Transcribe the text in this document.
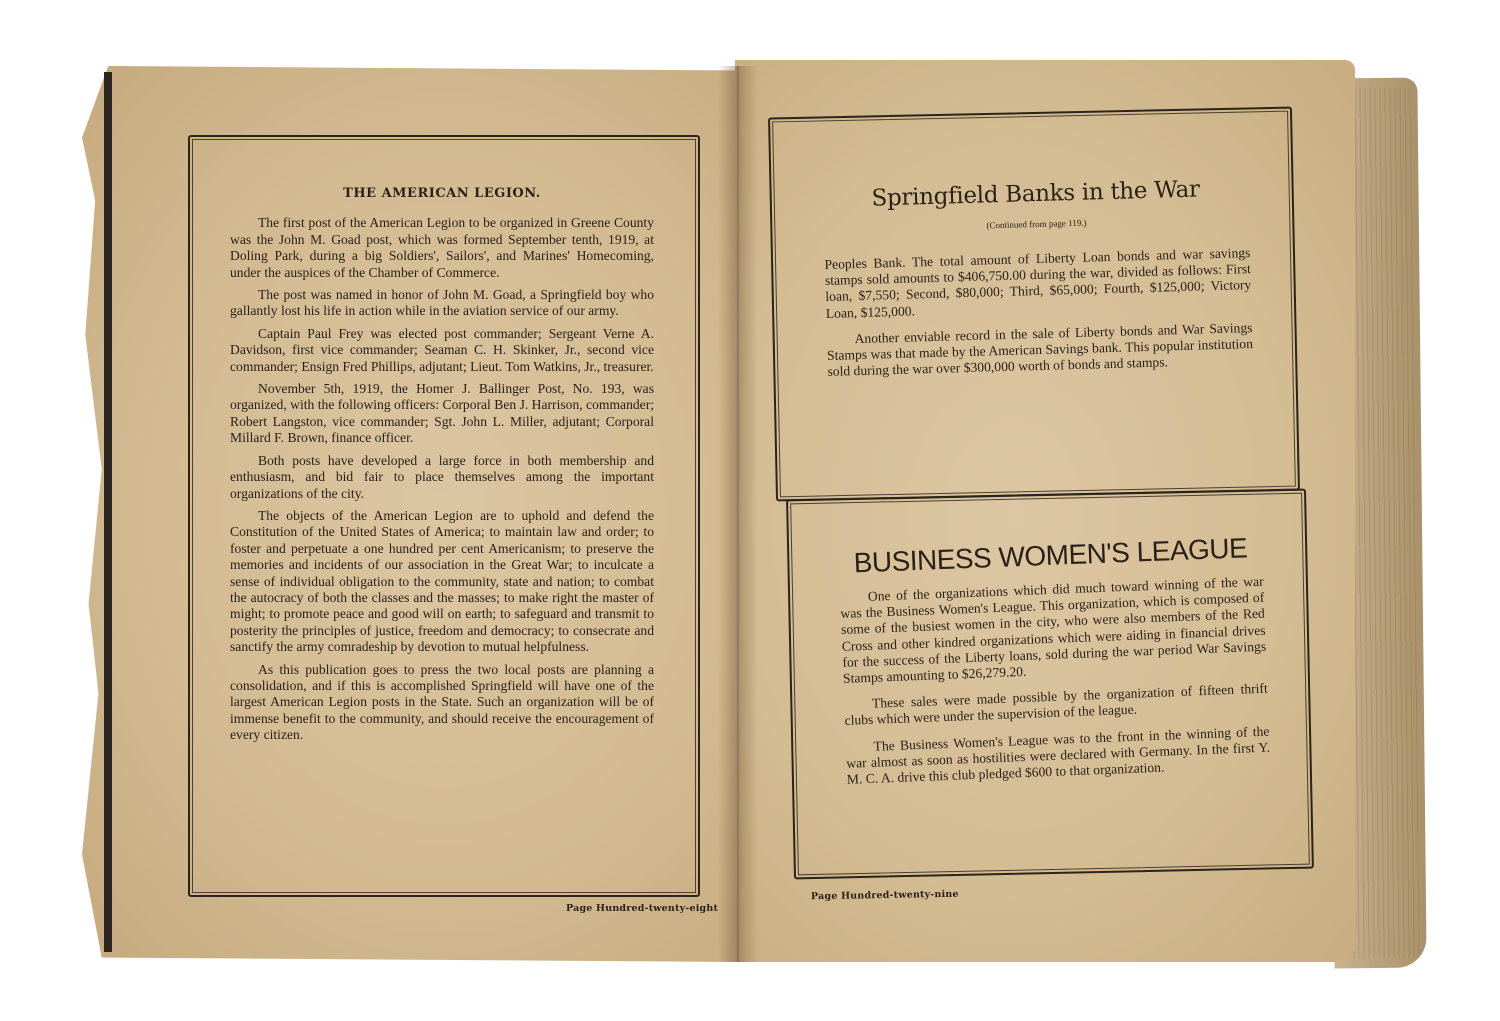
THE AMERICAN LEGION.

The first post of the American Legion to be organized in Greene County was the John M. Goad post, which was formed September tenth, 1919, at Doling Park, during a big Soldiers', Sailors', and Marines' Homecoming, under the auspices of the Chamber of Commerce.

The post was named in honor of John M. Goad, a Springfield boy who gallantly lost his life in action while in the aviation service of our army.

Captain Paul Frey was elected post commander; Sergeant Verne A. Davidson, first vice commander; Seaman C. H. Skinker, Jr., second vice commander; Ensign Fred Phillips, adjutant; Lieut. Tom Watkins, Jr., treasurer.

November 5th, 1919, the Homer J. Ballinger Post, No. 193, was organized, with the following officers: Corporal Ben J. Harrison, commander; Robert Langston, vice commander; Sgt. John L. Miller, adjutant; Corporal Millard F. Brown, finance officer.

Both posts have developed a large force in both membership and enthusiasm, and bid fair to place themselves among the important organizations of the city.

The objects of the American Legion are to uphold and defend the Constitution of the United States of America; to maintain law and order; to foster and perpetuate a one hundred per cent Americanism; to preserve the memories and incidents of our association in the Great War; to inculcate a sense of individual obligation to the community, state and nation; to combat the autocracy of both the classes and the masses; to make right the master of might; to promote peace and good will on earth; to safeguard and transmit to posterity the principles of justice, freedom and democracy; to consecrate and sanctify the army comradeship by devotion to mutual helpfulness.

As this publication goes to press the two local posts are planning a consolidation, and if this is accomplished Springfield will have one of the largest American Legion posts in the State. Such an organization will be of immense benefit to the community, and should receive the encouragement of every citizen.

Page Hundred-twenty-eight
Springfield Banks in the War
(Continued from page 119.)

Peoples Bank. The total amount of Liberty Loan bonds and war savings stamps sold amounts to $406,750.00 during the war, divided as follows: First loan, $7,550; Second, $80,000; Third, $65,000; Fourth, $125,000; Victory Loan, $125,000.

Another enviable record in the sale of Liberty bonds and War Savings Stamps was that made by the American Savings bank. This popular institution sold during the war over $300,000 worth of bonds and stamps.

BUSINESS WOMEN'S LEAGUE

One of the organizations which did much toward winning of the war was the Business Women's League. This organization, which is composed of some of the busiest women in the city, who were also members of the Red Cross and other kindred organizations which were aiding in financial drives for the success of the Liberty loans, sold during the war period War Savings Stamps amounting to $26,279.20.

These sales were made possible by the organization of fifteen thrift clubs which were under the supervision of the league.

The Business Women's League was to the front in the winning of the war almost as soon as hostilities were declared with Germany. In the first Y. M. C. A. drive this club pledged $600 to that organization.

Page Hundred-twenty-nine
